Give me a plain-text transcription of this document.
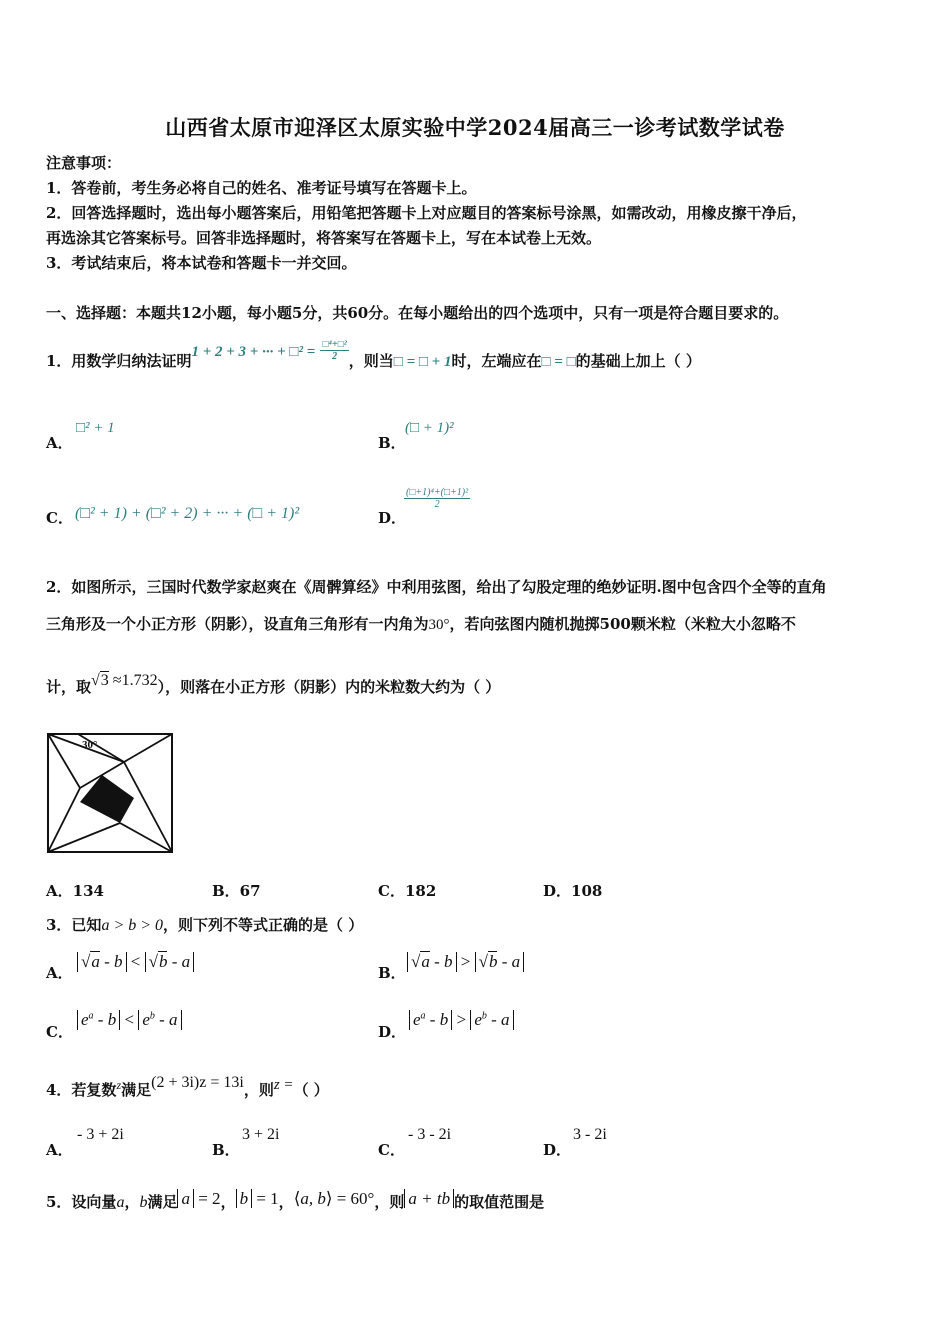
山西省太原市迎泽区太原实验中学2024届高三一诊考试数学试卷
注意事项：
1．答卷前，考生务必将自己的姓名、准考证号填写在答题卡上。
2．回答选择题时，选出每小题答案后，用铅笔把答题卡上对应题目的答案标号涂黑，如需改动，用橡皮擦干净后，
再选涂其它答案标号。回答非选择题时，将答案写在答题卡上，写在本试卷上无效。
3．考试结束后，将本试卷和答题卡一并交回。
一、选择题：本题共12小题，每小题5分，共60分。在每小题给出的四个选项中，只有一项是符合题目要求的。
1．用数学归纳法证明1 + 2 + 3 + ··· + □² = $\frac{\text{□⁴+□²}}{2}$ ，则当□ = □ + 1时，左端应在□ = □的基础上加上（ ）
A．
□² + 1
B．
(□ + 1)²
C． (□² + 1) + (□² + 2) + ··· + (□ + 1)²	D．
$\frac{\text{(□+1)⁴+(□+1)²}}{2}$
2．如图所示，三国时代数学家赵爽在《周髀算经》中利用弦图，给出了勾股定理的绝妙证明.图中包含四个全等的直角
三角形及一个小正方形（阴影），设直角三角形有一内角为30°，若向弦图内随机抛掷500颗米粒（米粒大小忽略不
计，取√3 ≈1.732），则落在小正方形（阴影）内的米粒数大约为（ ）
30°
A．134	B．67	C．182	D．108
3．已知a > b > 0，则下列不等式正确的是（ ）
A．
√a - b < √b - a
B．
√a - b > √b - a
C．
$e^a - b < e^b - a$
D．
$e^a - b > e^b - a$
4．若复数$^z$满足(2 + 3i)z = 13i，则z =（ ）
A．
- 3 + 2i
B．
3 + 2i
C．
- 3 - 2i
D．
3 - 2i
5．设向量a，b满足 a = 2， b = 1，⟨a, b⟩ = 60°，则 a + tb 的取值范围是
